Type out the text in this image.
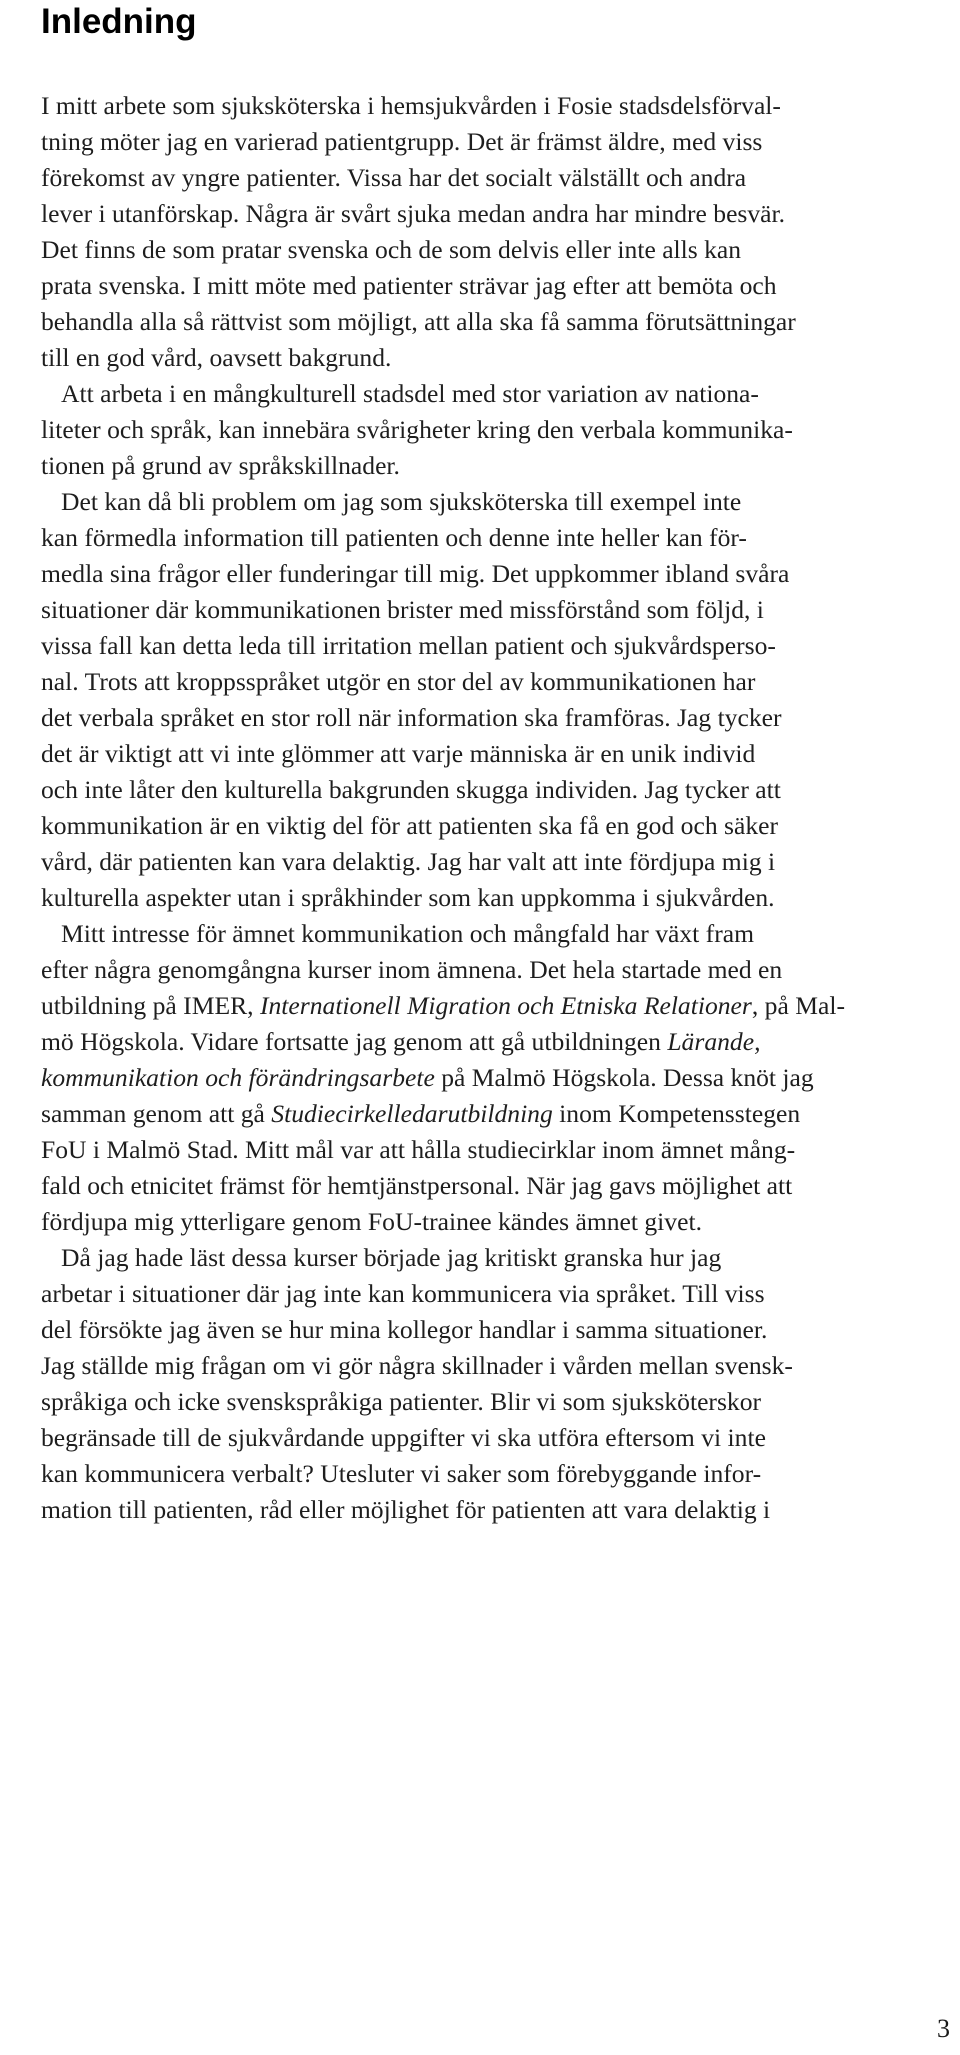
Inledning
I mitt arbete som sjuksköterska i hemsjukvården i Fosie stadsdelsförval-
tning möter jag en varierad patientgrupp. Det är främst äldre, med viss
förekomst av yngre patienter. Vissa har det socialt välställt och andra
lever i utanförskap. Några är svårt sjuka medan andra har mindre besvär.
Det finns de som pratar svenska och de som delvis eller inte alls kan
prata svenska. I mitt möte med patienter strävar jag efter att bemöta och
behandla alla så rättvist som möjligt, att alla ska få samma förutsättningar
till en god vård, oavsett bakgrund.
Att arbeta i en mångkulturell stadsdel med stor variation av nationa-
liteter och språk, kan innebära svårigheter kring den verbala kommunika-
tionen på grund av språkskillnader.
Det kan då bli problem om jag som sjuksköterska till exempel inte
kan förmedla information till patienten och denne inte heller kan för-
medla sina frågor eller funderingar till mig. Det uppkommer ibland svåra
situationer där kommunikationen brister med missförstånd som följd, i
vissa fall kan detta leda till irritation mellan patient och sjukvårdsperso-
nal. Trots att kroppsspråket utgör en stor del av kommunikationen har
det verbala språket en stor roll när information ska framföras. Jag tycker
det är viktigt att vi inte glömmer att varje människa är en unik individ
och inte låter den kulturella bakgrunden skugga individen. Jag tycker att
kommunikation är en viktig del för att patienten ska få en god och säker
vård, där patienten kan vara delaktig. Jag har valt att inte fördjupa mig i
kulturella aspekter utan i språkhinder som kan uppkomma i sjukvården.
Mitt intresse för ämnet kommunikation och mångfald har växt fram
efter några genomgångna kurser inom ämnena. Det hela startade med en
utbildning på IMER, Internationell Migration och Etniska Relationer, på Mal-
mö Högskola. Vidare fortsatte jag genom att gå utbildningen Lärande,
kommunikation och förändringsarbete på Malmö Högskola. Dessa knöt jag
samman genom att gå Studiecirkelledarutbildning inom Kompetensstegen
FoU i Malmö Stad. Mitt mål var att hålla studiecirklar inom ämnet mång-
fald och etnicitet främst för hemtjänstpersonal. När jag gavs möjlighet att
fördjupa mig ytterligare genom FoU-trainee kändes ämnet givet.
Då jag hade läst dessa kurser började jag kritiskt granska hur jag
arbetar i situationer där jag inte kan kommunicera via språket. Till viss
del försökte jag även se hur mina kollegor handlar i samma situationer.
Jag ställde mig frågan om vi gör några skillnader i vården mellan svensk-
språkiga och icke svenskspråkiga patienter. Blir vi som sjuksköterskor
begränsade till de sjukvårdande uppgifter vi ska utföra eftersom vi inte
kan kommunicera verbalt? Utesluter vi saker som förebyggande infor-
mation till patienten, råd eller möjlighet för patienten att vara delaktig i
3
